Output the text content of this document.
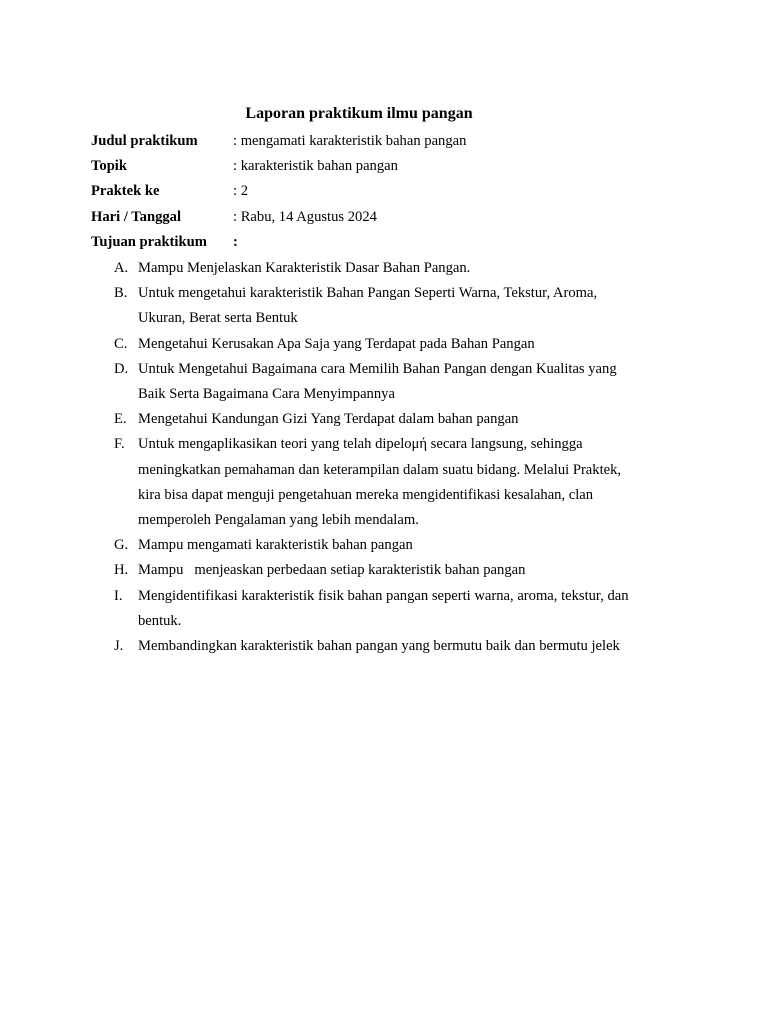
Laporan praktikum ilmu pangan
Judul praktikum : mengamati karakteristik bahan pangan
Topik	: karakteristik bahan pangan
Praktek ke	: 2
Hari / Tanggal	: Rabu, 14 Agustus 2024
Tujuan praktikum :
A. Mampu Menjelaskan Karakteristik Dasar Bahan Pangan.
B. Untuk mengetahui karakteristik Bahan Pangan Seperti Warna, Tekstur, Aroma,
Ukuran, Berat serta Bentuk
C. Mengetahui Kerusakan Apa Saja yang Terdapat pada Bahan Pangan
D. Untuk Mengetahui Bagaimana cara Memilih Bahan Pangan dengan Kualitas yang
Baik Serta Bagaimana Cara Menyimpannya
E. Mengetahui Kandungan Gizi Yang Terdapat dalam bahan pangan
F. Untuk mengaplikasikan teori yang telah dipeloμή secara langsung, sehingga
meningkatkan pemahaman dan keterampilan dalam suatu bidang. Melalui Praktek,
kira bisa dapat menguji pengetahuan mereka mengidentifikasi kesalahan, clan
memperoleh Pengalaman yang lebih mendalam.
G. Mampu mengamati karakteristik bahan pangan
H. Mampu   menjeaskan perbedaan setiap karakteristik bahan pangan
I. Mengidentifikasi karakteristik fisik bahan pangan seperti warna, aroma, tekstur, dan
bentuk.
J. Membandingkan karakteristik bahan pangan yang bermutu baik dan bermutu jelek
